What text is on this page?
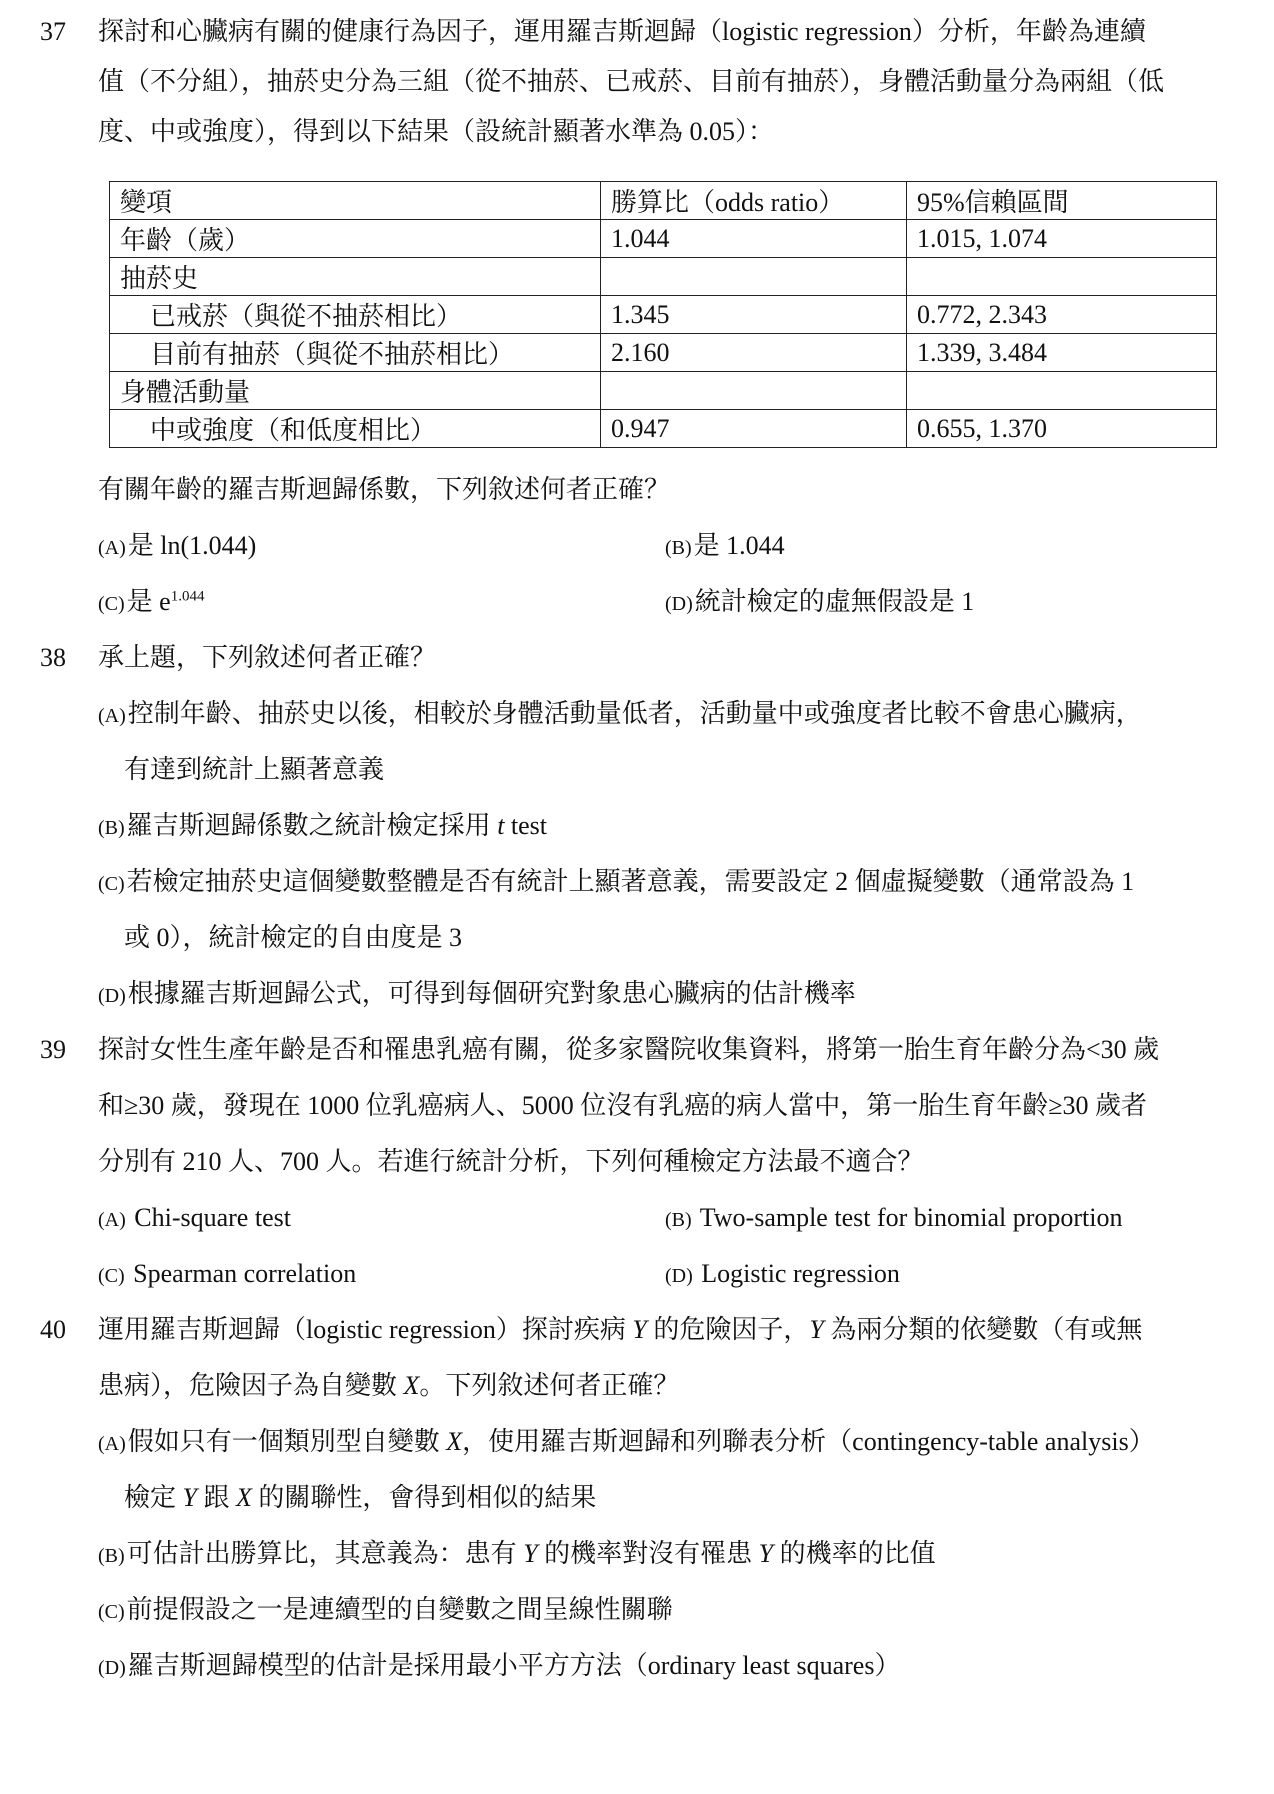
37 探討和心臟病有關的健康行為因子，運用羅吉斯迴歸（logistic regression）分析，年齡為連續
值（不分組），抽菸史分為三組（從不抽菸、已戒菸、目前有抽菸），身體活動量分為兩組（低
度、中或強度），得到以下結果（設統計顯著水準為 0.05）：
變項	勝算比（odds ratio）	95%信賴區間
年齡（歲）	1.044	1.015, 1.074
抽菸史		
已戒菸（與從不抽菸相比）	1.345	0.772, 2.343
目前有抽菸（與從不抽菸相比）	2.160	1.339, 3.484
身體活動量		
中或強度（和低度相比）	0.947	0.655, 1.370
有關年齡的羅吉斯迴歸係數，下列敘述何者正確？
(A)是 ln(1.044)	(B)是 1.044
(C)是 $e^{1.044}$	(D)統計檢定的虛無假設是 1
38 承上題，下列敘述何者正確？
(A)控制年齡、抽菸史以後，相較於身體活動量低者，活動量中或強度者比較不會患心臟病，
有達到統計上顯著意義
(B)羅吉斯迴歸係數之統計檢定採用 t test
(C)若檢定抽菸史這個變數整體是否有統計上顯著意義，需要設定 2 個虛擬變數（通常設為 1
或 0），統計檢定的自由度是 3
(D)根據羅吉斯迴歸公式，可得到每個研究對象患心臟病的估計機率
39 探討女性生產年齡是否和罹患乳癌有關，從多家醫院收集資料，將第一胎生育年齡分為<30 歲
和≥30 歲，發現在 1000 位乳癌病人、5000 位沒有乳癌的病人當中，第一胎生育年齡≥30 歲者
分別有 210 人、700 人。若進行統計分析，下列何種檢定方法最不適合？
(A) Chi-square test	(B) Two-sample test for binomial proportion
(C) Spearman correlation	(D) Logistic regression
40 運用羅吉斯迴歸（logistic regression）探討疾病 Y 的危險因子，Y 為兩分類的依變數（有或無
患病），危險因子為自變數 X。下列敘述何者正確？
(A)假如只有一個類別型自變數 X，使用羅吉斯迴歸和列聯表分析（contingency-table analysis）
檢定 Y 跟 X 的關聯性，會得到相似的結果
(B)可估計出勝算比，其意義為：患有 Y 的機率對沒有罹患 Y 的機率的比值
(C)前提假設之一是連續型的自變數之間呈線性關聯
(D)羅吉斯迴歸模型的估計是採用最小平方方法（ordinary least squares）
